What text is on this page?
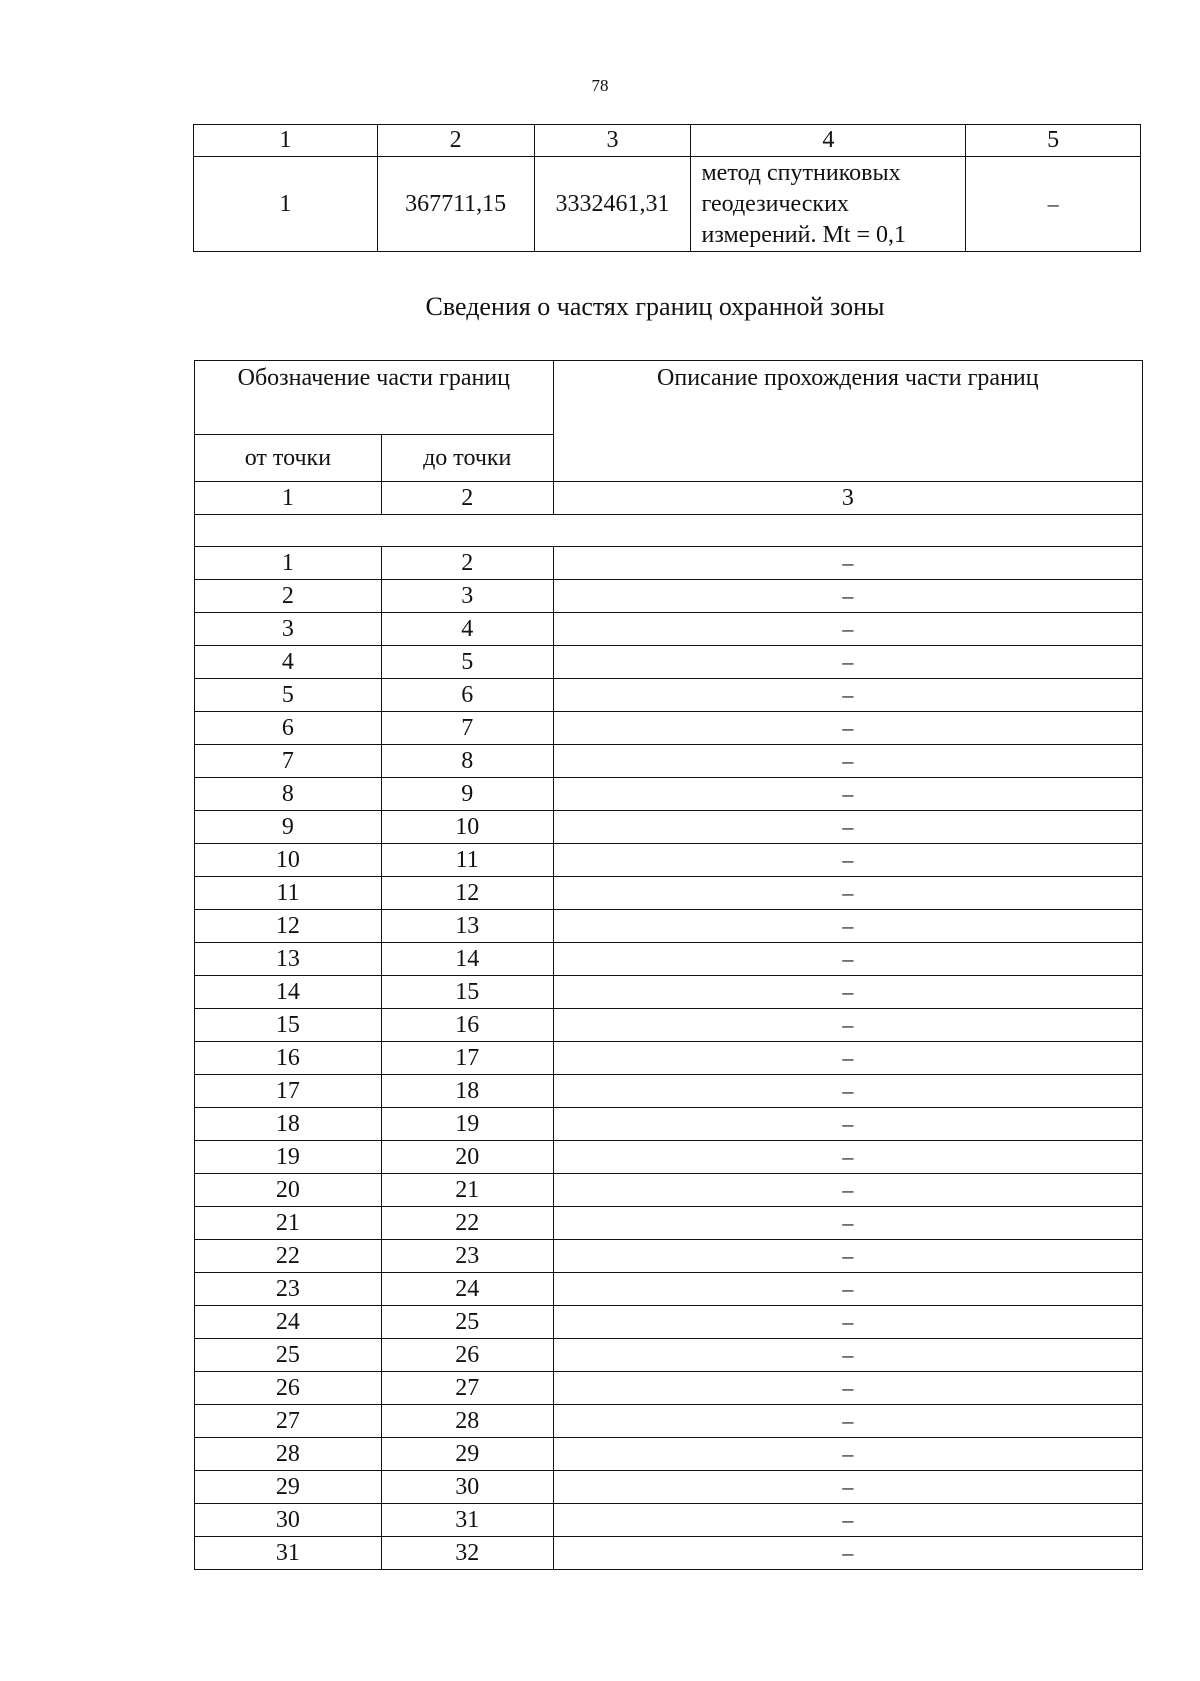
78
1	2	3	4	5
1	367711,15	3332461,31	метод спутниковых
геодезических
измерений. Mt = 0,1	–
Сведения о частях границ охранной зоны
Обозначение части границ		Описание прохождения части границ
от точки	до точки	
1	2	3

1	2	–
2	3	–
3	4	–
4	5	–
5	6	–
6	7	–
7	8	–
8	9	–
9	10	–
10	11	–
11	12	–
12	13	–
13	14	–
14	15	–
15	16	–
16	17	–
17	18	–
18	19	–
19	20	–
20	21	–
21	22	–
22	23	–
23	24	–
24	25	–
25	26	–
26	27	–
27	28	–
28	29	–
29	30	–
30	31	–
31	32	–
